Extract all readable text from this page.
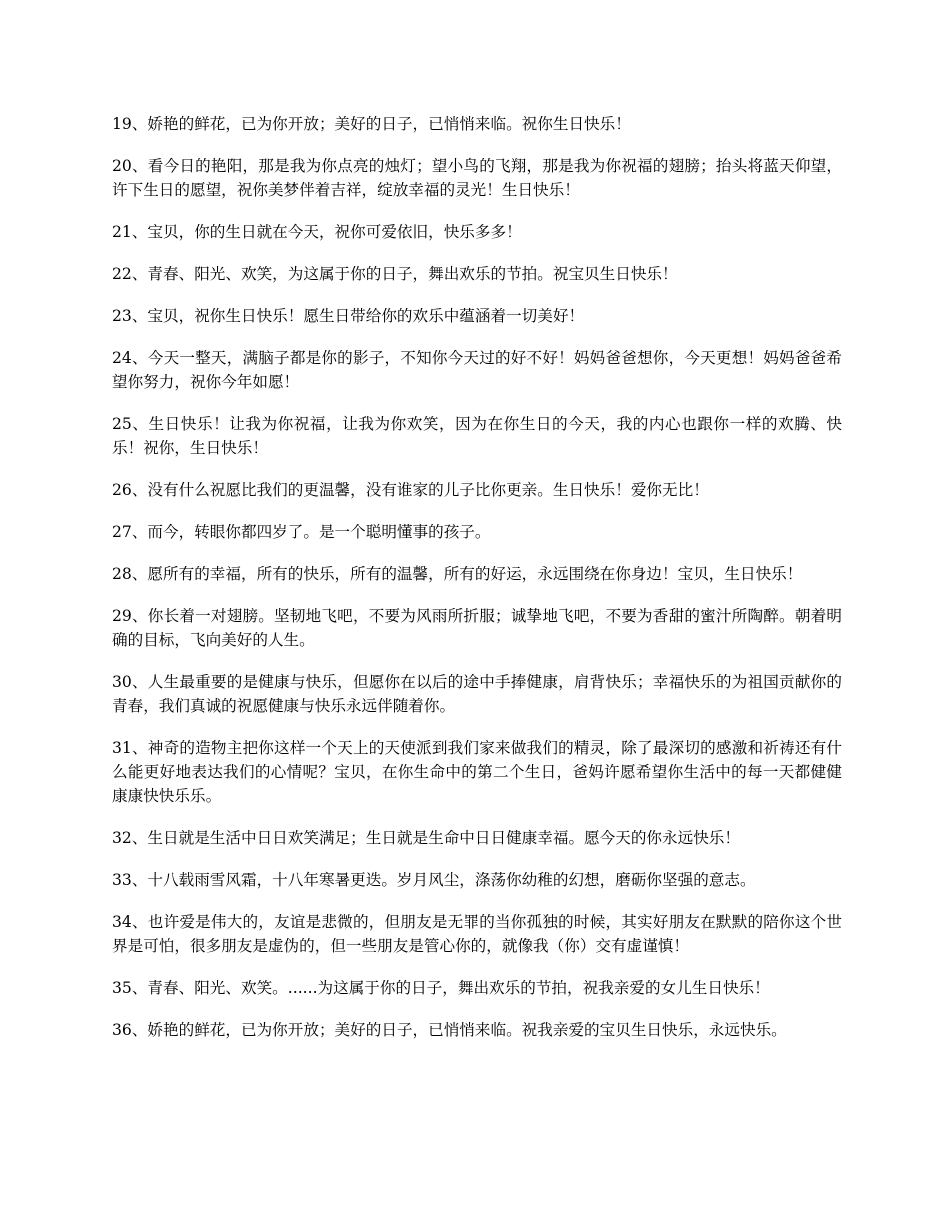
19、娇艳的鲜花，已为你开放；美好的日子，已悄悄来临。祝你生日快乐！

20、看今日的艳阳，那是我为你点亮的烛灯；望小鸟的飞翔，那是我为你祝福的翅膀；抬头将蓝天仰望，许下生日的愿望，祝你美梦伴着吉祥，绽放幸福的灵光！生日快乐！

21、宝贝，你的生日就在今天，祝你可爱依旧，快乐多多！

22、青春、阳光、欢笑，为这属于你的日子，舞出欢乐的节拍。祝宝贝生日快乐！

23、宝贝，祝你生日快乐！愿生日带给你的欢乐中蕴涵着一切美好！

24、今天一整天，满脑子都是你的影子，不知你今天过的好不好！妈妈爸爸想你，今天更想！妈妈爸爸希望你努力，祝你今年如愿！

25、生日快乐！让我为你祝福，让我为你欢笑，因为在你生日的今天，我的内心也跟你一样的欢腾、快乐！祝你，生日快乐！

26、没有什么祝愿比我们的更温馨，没有谁家的儿子比你更亲。生日快乐！爱你无比！

27、而今，转眼你都四岁了。是一个聪明懂事的孩子。

28、愿所有的幸福，所有的快乐，所有的温馨，所有的好运，永远围绕在你身边！宝贝，生日快乐！

29、你长着一对翅膀。坚韧地飞吧，不要为风雨所折服；诚挚地飞吧，不要为香甜的蜜汁所陶醉。朝着明确的目标，飞向美好的人生。

30、人生最重要的是健康与快乐，但愿你在以后的途中手捧健康，肩背快乐；幸福快乐的为祖国贡献你的青春，我们真诚的祝愿健康与快乐永远伴随着你。

31、神奇的造物主把你这样一个天上的天使派到我们家来做我们的精灵，除了最深切的感激和祈祷还有什么能更好地表达我们的心情呢？宝贝，在你生命中的第二个生日，爸妈许愿希望你生活中的每一天都健健康康快快乐乐。

32、生日就是生活中日日欢笑满足；生日就是生命中日日健康幸福。愿今天的你永远快乐！

33、十八载雨雪风霜，十八年寒暑更迭。岁月风尘，涤荡你幼稚的幻想，磨砺你坚强的意志。

34、也许爱是伟大的，友谊是悲微的，但朋友是无罪的当你孤独的时候，其实好朋友在默默的陪你这个世界是可怕，很多朋友是虚伪的，但一些朋友是管心你的，就像我（你）交有虚谨慎！

35、青春、阳光、欢笑。......为这属于你的日子，舞出欢乐的节拍，祝我亲爱的女儿生日快乐！

36、娇艳的鲜花，已为你开放；美好的日子，已悄悄来临。祝我亲爱的宝贝生日快乐，永远快乐。
